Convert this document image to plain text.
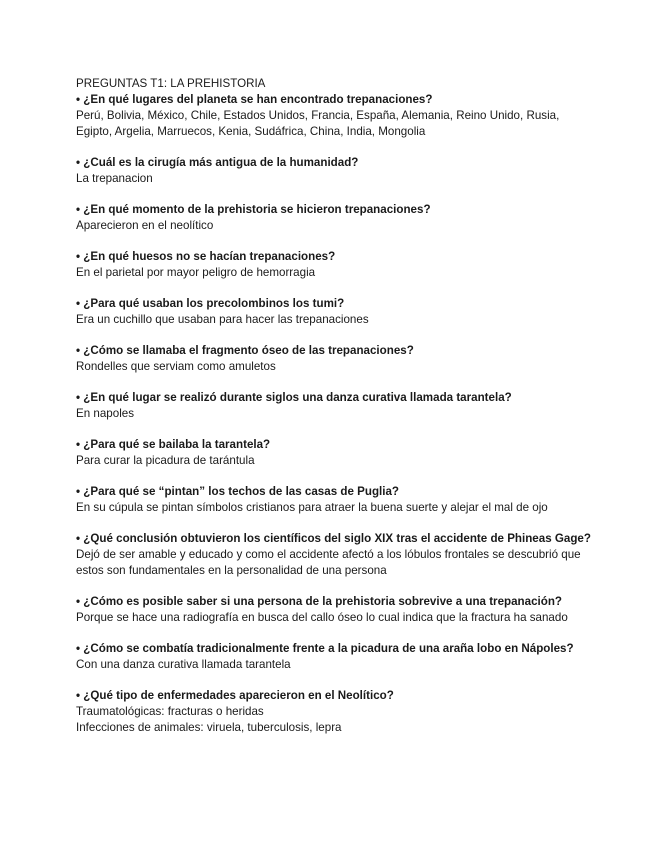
PREGUNTAS T1: LA PREHISTORIA

• ¿En qué lugares del planeta se han encontrado trepanaciones?

Perú, Bolivia, México, Chile, Estados Unidos, Francia, España, Alemania, Reino Unido, Rusia, Egipto, Argelia, Marruecos, Kenia, Sudáfrica, China, India, Mongolia

• ¿Cuál es la cirugía más antigua de la humanidad?

La trepanacion

• ¿En qué momento de la prehistoria se hicieron trepanaciones?

Aparecieron en el neolítico

• ¿En qué huesos no se hacían trepanaciones?

En el parietal por mayor peligro de hemorragia

• ¿Para qué usaban los precolombinos los tumi?

Era un cuchillo que usaban para hacer las trepanaciones

• ¿Cómo se llamaba el fragmento óseo de las trepanaciones?

Rondelles que serviam como amuletos

• ¿En qué lugar se realizó durante siglos una danza curativa llamada tarantela?

En napoles

• ¿Para qué se bailaba la tarantela?

Para curar la picadura de tarántula

• ¿Para qué se “pintan” los techos de las casas de Puglia?

En su cúpula se pintan símbolos cristianos para atraer la buena suerte y alejar el mal de ojo

• ¿Qué conclusión obtuvieron los científicos del siglo XIX tras el accidente de Phineas Gage?

Dejó de ser amable y educado y como el accidente afectó a los lóbulos frontales se descubrió que estos son fundamentales en la personalidad de una persona

• ¿Cómo es posible saber si una persona de la prehistoria sobrevive a una trepanación?

Porque se hace una radiografía en busca del callo óseo lo cual indica que la fractura ha sanado

• ¿Cómo se combatía tradicionalmente frente a la picadura de una araña lobo en Nápoles?

Con una danza curativa llamada tarantela

• ¿Qué tipo de enfermedades aparecieron en el Neolítico?

Traumatológicas: fracturas o heridas

Infecciones de animales: viruela, tuberculosis, lepra
